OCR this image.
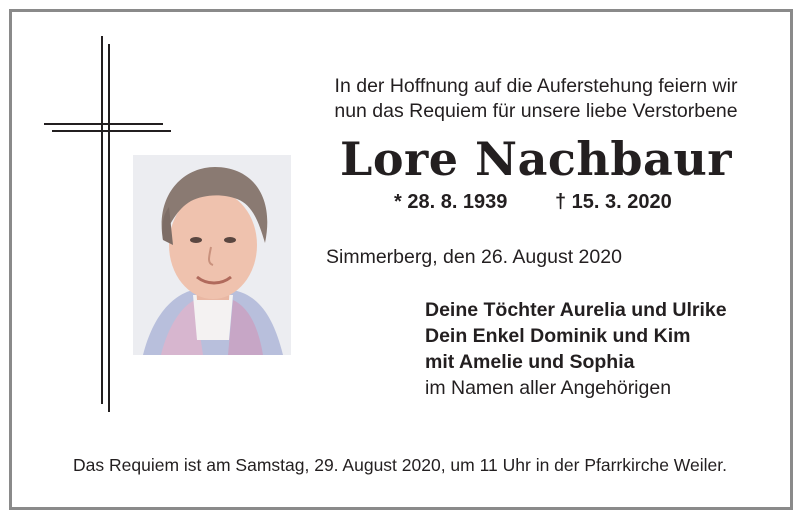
In der Hoffnung auf die Auferstehung feiern wir
nun das Requiem für unsere liebe Verstorbene
Lore Nachbaur
* 28. 8. 1939 † 15. 3. 2020
Simmerberg, den 26. August 2020
Deine Töchter Aurelia und Ulrike
Dein Enkel Dominik und Kim
mit Amelie und Sophia
im Namen aller Angehörigen
Das Requiem ist am Samstag, 29. August 2020, um 11 Uhr in der Pfarrkirche Weiler.
